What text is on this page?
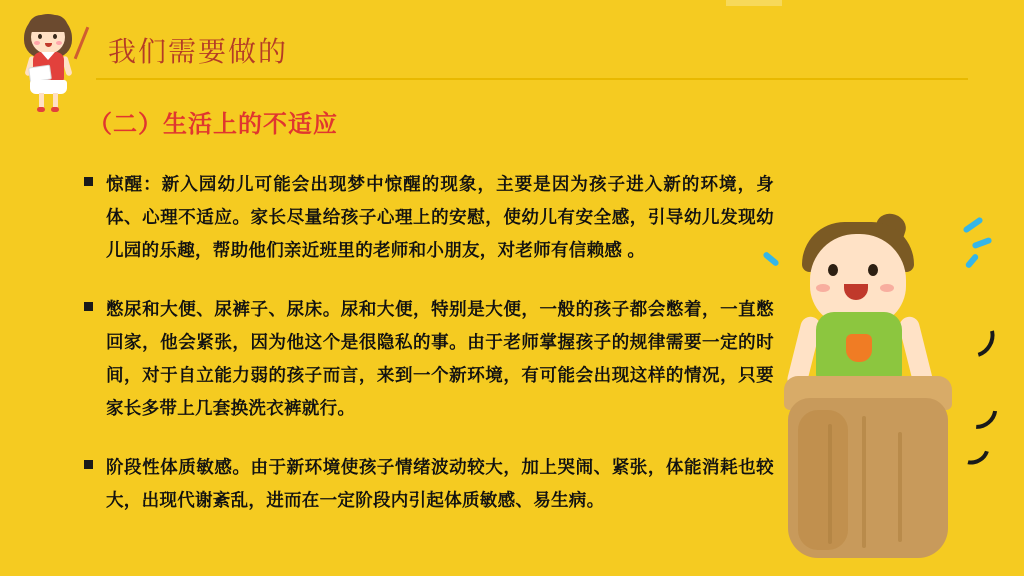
我们需要做的
（二）生活上的不适应
惊醒：新入园幼儿可能会出现梦中惊醒的现象，主要是因为孩子进入新的环境，身体、心理不适应。家长尽量给孩子心理上的安慰，使幼儿有安全感，引导幼儿发现幼儿园的乐趣，帮助他们亲近班里的老师和小朋友，对老师有信赖感 。
憋尿和大便、尿裤子、尿床。尿和大便，特别是大便，一般的孩子都会憋着，一直憋回家，他会紧张，因为他这个是很隐私的事。由于老师掌握孩子的规律需要一定的时间，对于自立能力弱的孩子而言，来到一个新环境，有可能会出现这样的情况，只要家长多带上几套换洗衣裤就行。
阶段性体质敏感。由于新环境使孩子情绪波动较大，加上哭闹、紧张，体能消耗也较大，出现代谢紊乱，进而在一定阶段内引起体质敏感、易生病。
